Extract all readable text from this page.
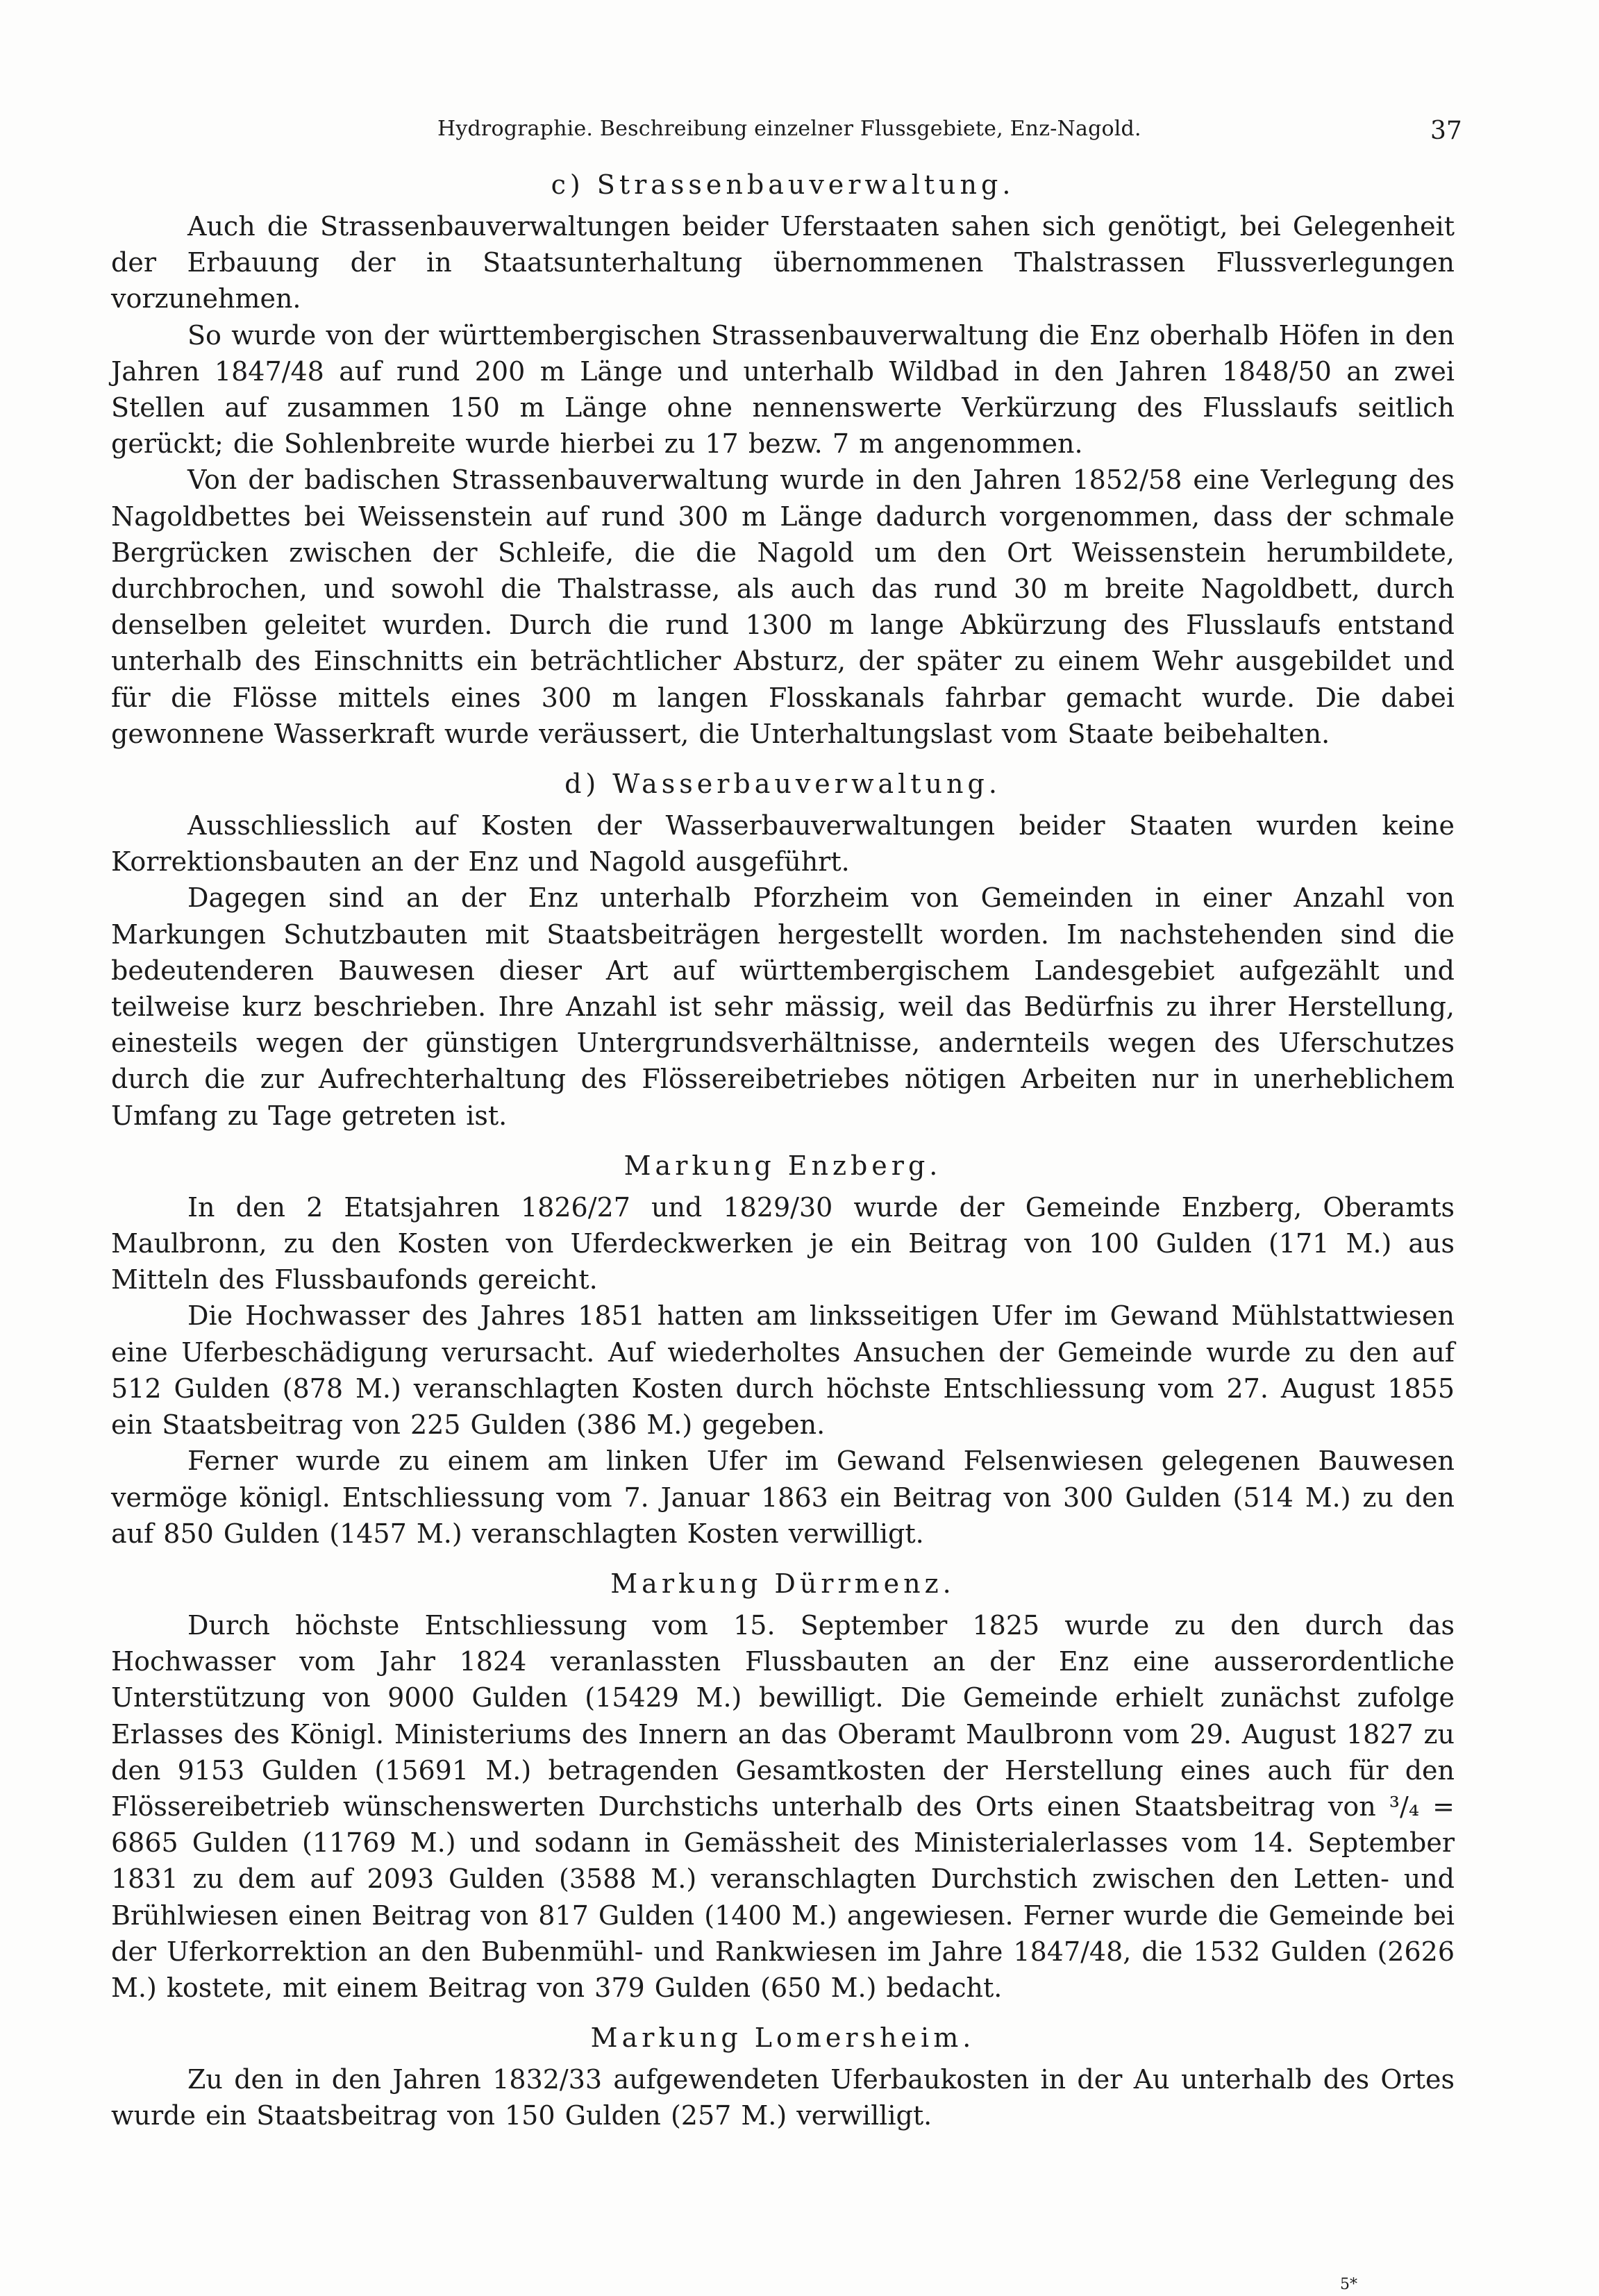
Hydrographie. Beschreibung einzelner Flussgebiete, Enz-Nagold.	37
c) Strassenbauverwaltung.

Auch die Strassenbauverwaltungen beider Uferstaaten sahen sich genötigt, bei Gelegenheit der Erbauung der in Staatsunterhaltung übernommenen Thalstrassen Flussverlegungen vorzunehmen.

So wurde von der württembergischen Strassenbauverwaltung die Enz oberhalb Höfen in den Jahren 1847/48 auf rund 200 m Länge und unterhalb Wildbad in den Jahren 1848/50 an zwei Stellen auf zusammen 150 m Länge ohne nennenswerte Verkürzung des Flusslaufs seitlich gerückt; die Sohlenbreite wurde hierbei zu 17 bezw. 7 m angenommen.

Von der badischen Strassenbauverwaltung wurde in den Jahren 1852/58 eine Verlegung des Nagoldbettes bei Weissenstein auf rund 300 m Länge dadurch vorgenommen, dass der schmale Bergrücken zwischen der Schleife, die die Nagold um den Ort Weissenstein herumbildete, durchbrochen, und sowohl die Thalstrasse, als auch das rund 30 m breite Nagoldbett, durch denselben geleitet wurden. Durch die rund 1300 m lange Abkürzung des Flusslaufs entstand unterhalb des Einschnitts ein beträchtlicher Absturz, der später zu einem Wehr ausgebildet und für die Flösse mittels eines 300 m langen Flosskanals fahrbar gemacht wurde. Die dabei gewonnene Wasserkraft wurde veräussert, die Unterhaltungslast vom Staate beibehalten.

d) Wasserbauverwaltung.

Ausschliesslich auf Kosten der Wasserbauverwaltungen beider Staaten wurden keine Korrektionsbauten an der Enz und Nagold ausgeführt.

Dagegen sind an der Enz unterhalb Pforzheim von Gemeinden in einer Anzahl von Markungen Schutzbauten mit Staatsbeiträgen hergestellt worden. Im nachstehenden sind die bedeutenderen Bauwesen dieser Art auf württembergischem Landesgebiet aufgezählt und teilweise kurz beschrieben. Ihre Anzahl ist sehr mässig, weil das Bedürfnis zu ihrer Herstellung, einesteils wegen der günstigen Untergrundsverhältnisse, andernteils wegen des Uferschutzes durch die zur Aufrechterhaltung des Flössereibetriebes nötigen Arbeiten nur in unerheblichem Umfang zu Tage getreten ist.

Markung Enzberg.

In den 2 Etatsjahren 1826/27 und 1829/30 wurde der Gemeinde Enzberg, Oberamts Maulbronn, zu den Kosten von Uferdeckwerken je ein Beitrag von 100 Gulden (171 M.) aus Mitteln des Flussbaufonds gereicht.

Die Hochwasser des Jahres 1851 hatten am linksseitigen Ufer im Gewand Mühlstattwiesen eine Uferbeschädigung verursacht. Auf wiederholtes Ansuchen der Gemeinde wurde zu den auf 512 Gulden (878 M.) veranschlagten Kosten durch höchste Entschliessung vom 27. August 1855 ein Staatsbeitrag von 225 Gulden (386 M.) gegeben.

Ferner wurde zu einem am linken Ufer im Gewand Felsenwiesen gelegenen Bauwesen vermöge königl. Entschliessung vom 7. Januar 1863 ein Beitrag von 300 Gulden (514 M.) zu den auf 850 Gulden (1457 M.) veranschlagten Kosten verwilligt.

Markung Dürrmenz.

Durch höchste Entschliessung vom 15. September 1825 wurde zu den durch das Hochwasser vom Jahr 1824 veranlassten Flussbauten an der Enz eine ausserordentliche Unterstützung von 9000 Gulden (15429 M.) bewilligt. Die Gemeinde erhielt zunächst zufolge Erlasses des Königl. Ministeriums des Innern an das Oberamt Maulbronn vom 29. August 1827 zu den 9153 Gulden (15691 M.) betragenden Gesamtkosten der Herstellung eines auch für den Flössereibetrieb wünschenswerten Durchstichs unterhalb des Orts einen Staatsbeitrag von ³/₄ = 6865 Gulden (11769 M.) und sodann in Gemässheit des Ministerialerlasses vom 14. September 1831 zu dem auf 2093 Gulden (3588 M.) veranschlagten Durchstich zwischen den Letten- und Brühlwiesen einen Beitrag von 817 Gulden (1400 M.) angewiesen. Ferner wurde die Gemeinde bei der Uferkorrektion an den Bubenmühl- und Rankwiesen im Jahre 1847/48, die 1532 Gulden (2626 M.) kostete, mit einem Beitrag von 379 Gulden (650 M.) bedacht.

Markung Lomersheim.

Zu den in den Jahren 1832/33 aufgewendeten Uferbaukosten in der Au unterhalb des Ortes wurde ein Staatsbeitrag von 150 Gulden (257 M.) verwilligt.

5*
